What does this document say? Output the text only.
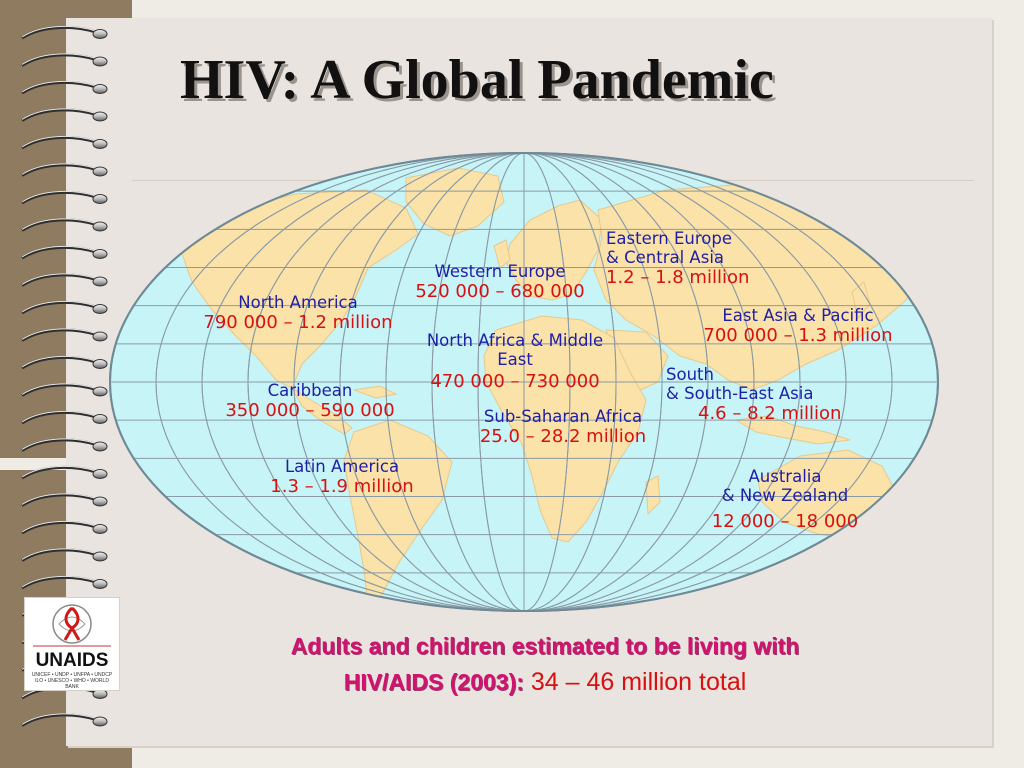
HIV: A Global Pandemic
Eastern Europe
& Central Asia
1.2 – 1.8 million
Western Europe
520 000 – 680 000
North America
790 000 – 1.2 million	East Asia & Pacific
700 000 – 1.3 million
North Africa & Middle
East
470 000 – 730 000	South
& South-East Asia
4.6 – 8.2 million
Caribbean
350 000 – 590 000	Sub-Saharan Africa
25.0 – 28.2 million
Latin America
1.3 – 1.9 million	Australia
& New Zealand
12 000 – 18 000
UNAIDS
UNICEF • UNDP • UNFPA • UNDCP ILO • UNESCO • WHO • WORLD BANK
Adults and children estimated to be living with
HIV/AIDS (2003): 34 – 46 million total
